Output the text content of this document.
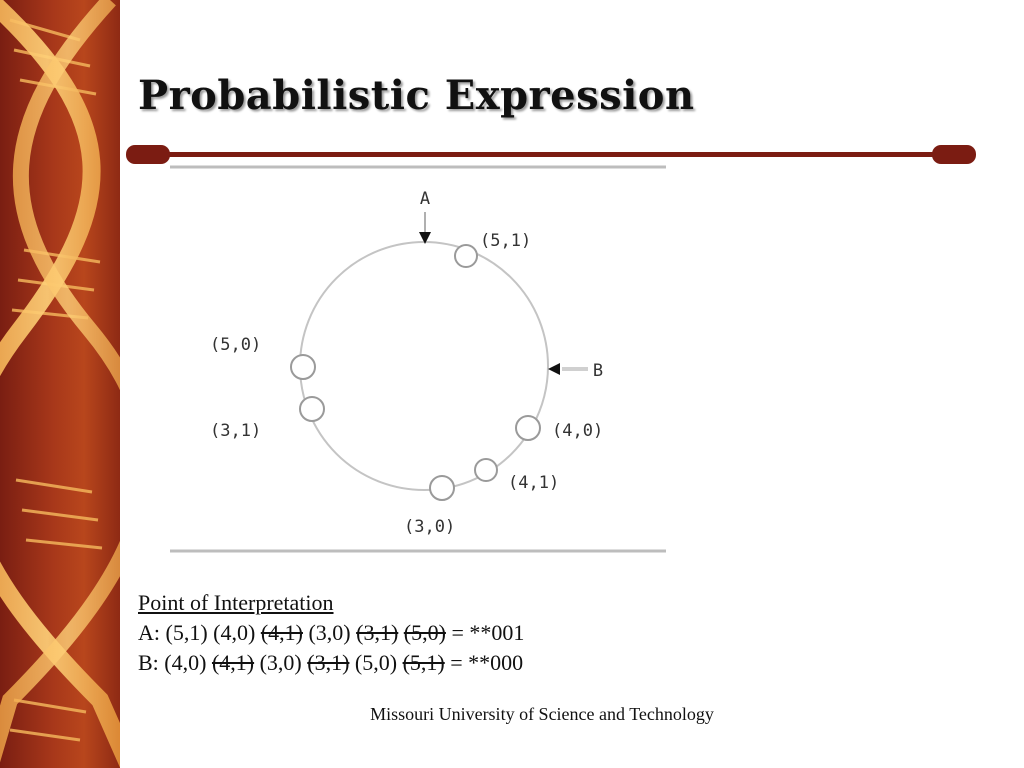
Probabilistic Expression
A
B
(5,1)
(5,0)
(3,1)	(4,0)
(4,1)
(3,0)
Point of Interpretation
A: (5,1) (4,0) (4,1) (3,0) (3,1) (5,0) = **001
B: (4,0) (4,1) (3,0) (3,1) (5,0) (5,1) = **000
Missouri University of Science and Technology
